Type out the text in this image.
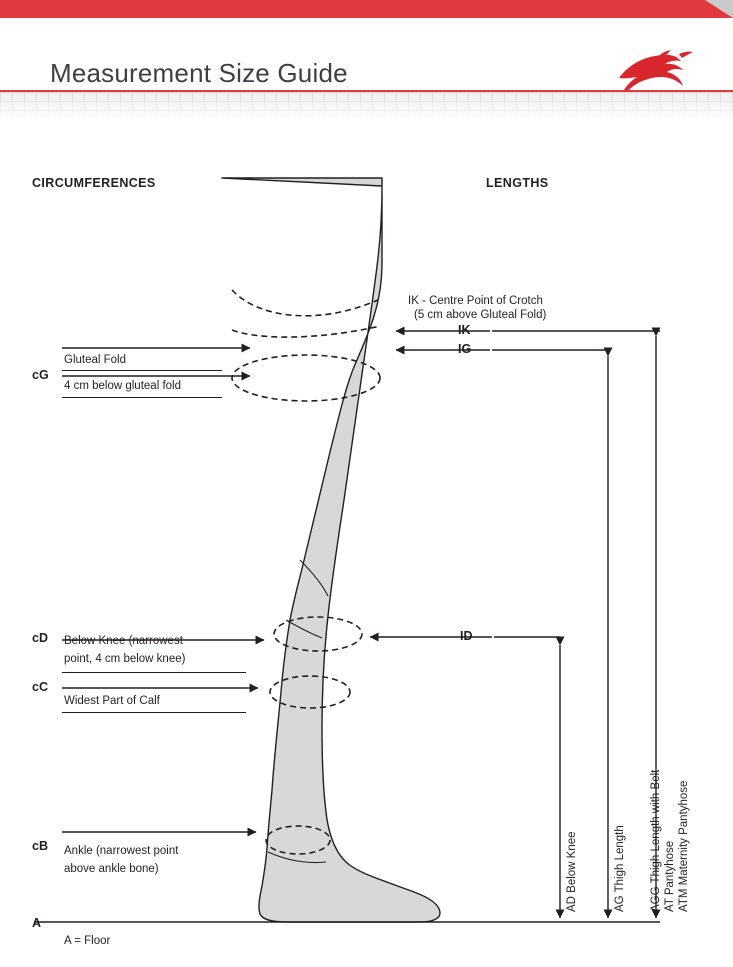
Measurement Size Guide
CIRCUMFERENCES	LENGTHS
cG
Gluteal Fold
4 cm below gluteal fold
cD Below Knee (narrowest
point, 4 cm below knee)
cC
Widest Part of Calf
cB Ankle (narrowest point
above ankle bone)
A
A = Floor
IK - Centre Point of Crotch
(5 cm above Gluteal Fold)
IK
IG
ID
AD Below Knee	AG Thigh Length AGG Thigh Length with Belt AT Pantyhose ATM Maternity Pantyhose
